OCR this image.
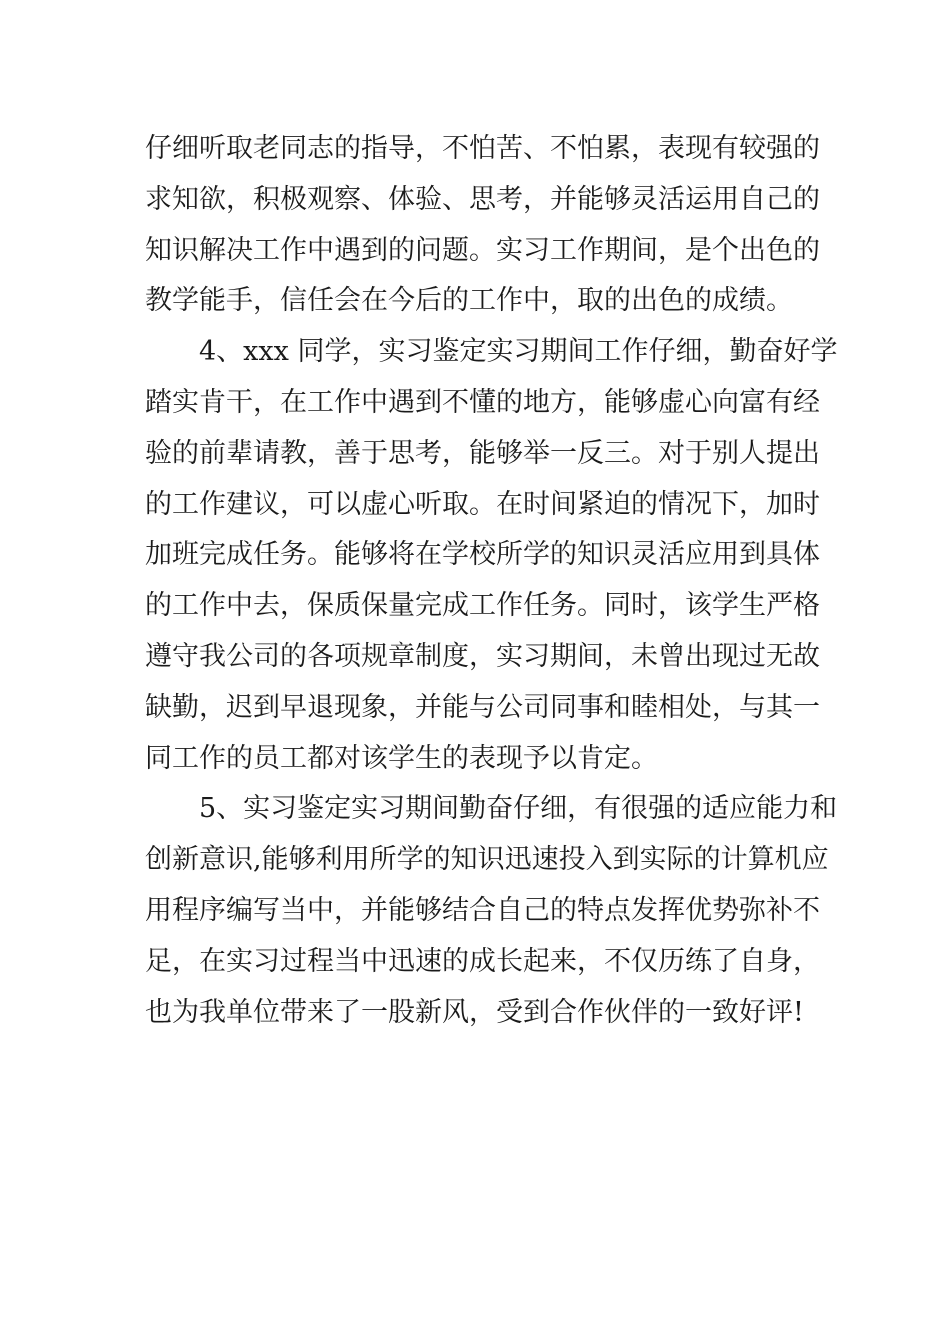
仔细听取老同志的指导，不怕苦、不怕累，表现有较强的
求知欲，积极观察、体验、思考，并能够灵活运用自己的
知识解决工作中遇到的问题。实习工作期间，是个出色的
教学能手，信任会在今后的工作中，取的出色的成绩。
4、xxx 同学，实习鉴定实习期间工作仔细，勤奋好学
踏实肯干，在工作中遇到不懂的地方，能够虚心向富有经
验的前辈请教，善于思考，能够举一反三。对于别人提出
的工作建议，可以虚心听取。在时间紧迫的情况下，加时
加班完成任务。能够将在学校所学的知识灵活应用到具体
的工作中去，保质保量完成工作任务。同时，该学生严格
遵守我公司的各项规章制度，实习期间，未曾出现过无故
缺勤，迟到早退现象，并能与公司同事和睦相处，与其一
同工作的员工都对该学生的表现予以肯定。
5、实习鉴定实习期间勤奋仔细，有很强的适应能力和
创新意识,能够利用所学的知识迅速投入到实际的计算机应
用程序编写当中，并能够结合自己的特点发挥优势弥补不
足，在实习过程当中迅速的成长起来，不仅历练了自身，
也为我单位带来了一股新风，受到合作伙伴的一致好评!
